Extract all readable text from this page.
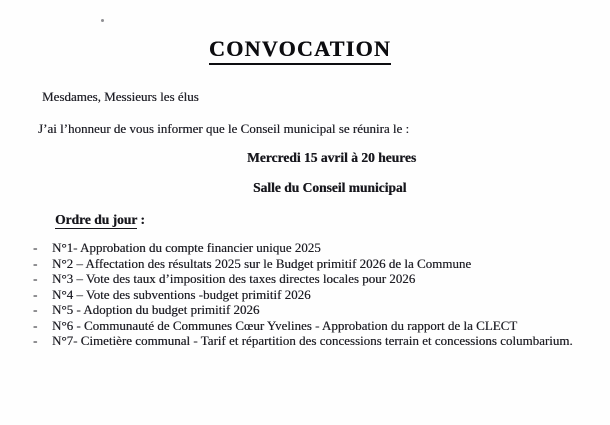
CONVOCATION
Mesdames, Messieurs les élus
J’ai l’honneur de vous informer que le Conseil municipal se réunira le :
Mercredi 15 avril à 20 heures
Salle du Conseil municipal
Ordre du jour :
-	N°1- Approbation du compte financier unique 2025
-	N°2 – Affectation des résultats 2025 sur le Budget primitif 2026 de la Commune
-	N°3 – Vote des taux d’imposition des taxes directes locales pour 2026
-	N°4 – Vote des subventions -budget primitif 2026
-	N°5 - Adoption du budget primitif 2026
-	N°6 - Communauté de Communes Cœur Yvelines - Approbation du rapport de la CLECT
-	N°7- Cimetière communal - Tarif et répartition des concessions terrain et concessions columbarium.
